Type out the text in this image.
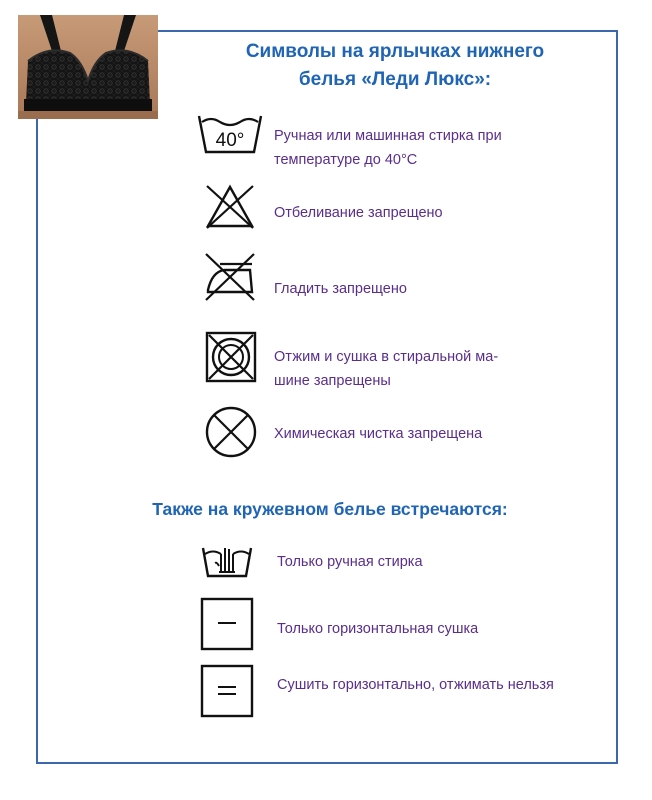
Символы на ярлычках нижнего
белья «Леди Люкс»:
40° Ручная или машинная стирка при
температуре до 40°C
Отбеливание запрещено
Гладить запрещено
Отжим и сушка в стиральной ма-
шине запрещены
Химическая чистка запрещена
Также на кружевном белье встречаются:
Только ручная стирка
Только горизонтальная сушка
Сушить горизонтально, отжимать нельзя
